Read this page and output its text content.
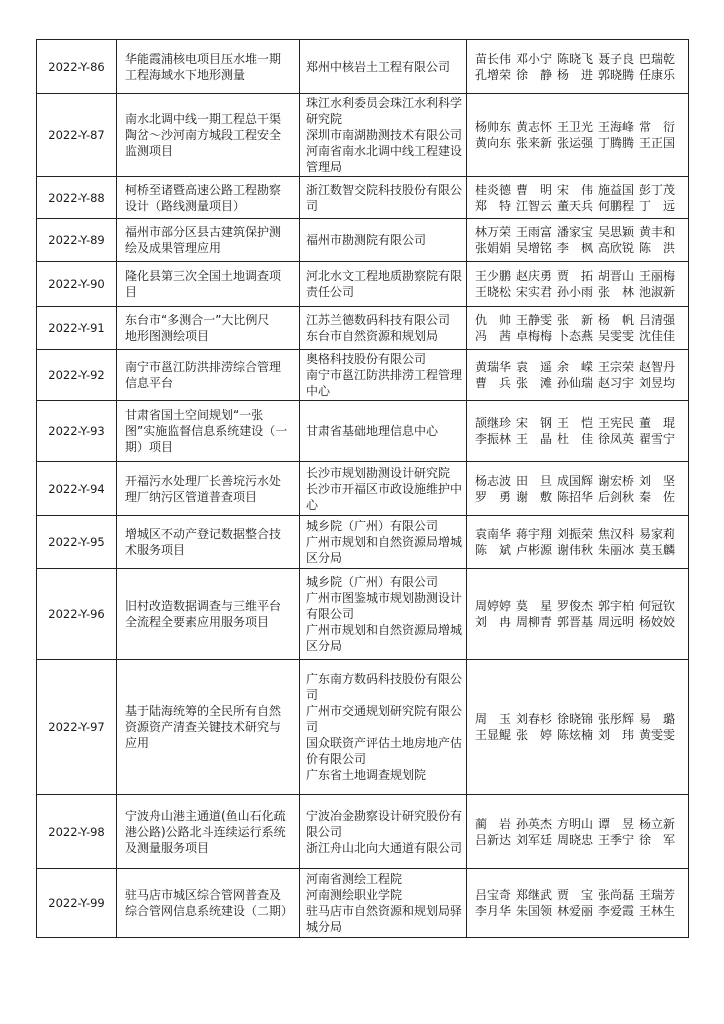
2022-Y-86	华能霞浦核电项目压水堆一期
工程海域水下地形测量	郑州中核岩土工程有限公司	苗长伟 邓小宁 陈晓飞 聂子良 巴瑞乾
孔增荣 徐　静 杨　进 郭晓腾 任康乐

2022-Y-87	南水北调中线一期工程总干渠
陶岔～沙河南方城段工程安全
监测项目	珠江水利委员会珠江水利科学研究院
深圳市南湖勘测技术有限公司
河南省南水北调中线工程建设管理局	杨帅东 黄志怀 王卫光 王海峰 常　衍
黄向东 张来新 张运强 丁腾腾 王正国

2022-Y-88	柯桥至诸暨高速公路工程勘察
设计（路线测量项目）	浙江数智交院科技股份有限公司	桂炎德 曹　明 宋　伟 施益国 彭丁茂
郑　特 江智云 董天兵 何鹏程 丁　远

2022-Y-89	福州市部分区县古建筑保护测
绘及成果管理应用	福州市勘测院有限公司	林万荣 王雨富 潘家宝 吴思颖 黄丰和
张娟娟 吴增铭 李　枫 高欣锐 陈　洪

2022-Y-90	隆化县第三次全国土地调查项
目	河北水文工程地质勘察院有限责任公司	王少鹏 赵庆勇 贾　拓 胡晋山 王丽梅
王晓松 宋实君 孙小雨 张　林 池淑新

2022-Y-91	东台市“多测合一”大比例尺
地形图测绘项目	江苏兰德数码科技有限公司
东台市自然资源和规划局	仇　帅 王静雯 张　新 杨　帆 吕清强
冯　茜 卓梅梅 卜态燕 吴雯雯 沈佳佳

2022-Y-92	南宁市邕江防洪排涝综合管理
信息平台	奥格科技股份有限公司
南宁市邕江防洪排涝工程管理中心	黄瑞华 袁　遥 余　嵘 王宗荣 赵智丹
曹　兵 张　滩 孙仙瑞 赵习宇 刘昱均

2022-Y-93	甘肃省国土空间规划“一张
图”实施监督信息系统建设（一
期）项目	甘肃省基础地理信息中心	颉继珍 宋　钢 王　恺 王宪民 董　琨
李振林 王　晶 杜　佳 徐凤英 翟雪宁

2022-Y-94	开福污水处理厂长善垸污水处
理厂纳污区管道普查项目	长沙市规划勘测设计研究院
长沙市开福区市政设施维护中心	杨志波 田　旦 成国辉 谢宏桥 刘　坚
罗　勇 谢　敷 陈招华 后剑秋 秦　佐

2022-Y-95	增城区不动产登记数据整合技
术服务项目	城乡院（广州）有限公司
广州市规划和自然资源局增城区分局	袁南华 蒋宇翔 刘振荣 焦汉科 易家莉
陈　斌 卢彬源 谢伟秋 朱丽冰 莫玉麟

2022-Y-96	旧村改造数据调查与三维平台
全流程全要素应用服务项目	城乡院（广州）有限公司
广州市图鉴城市规划勘测设计有限公司
广州市规划和自然资源局增城区分局	周婷婷 莫　星 罗俊杰 郭宇柏 何冠钦
刘　冉 周柳青 郭晋基 周远明 杨姣姣

2022-Y-97	基于陆海统筹的全民所有自然
资源资产清查关键技术研究与
应用	广东南方数码科技股份有限公司
广州市交通规划研究院有限公司
国众联资产评估土地房地产估价有限公司
广东省土地调查规划院	周　玉 刘春杉 徐晓锦 张彤辉 易　璐
王显鲲 张　婷 陈炫楠 刘　玮 黄雯雯

2022-Y-98	宁波舟山港主通道(鱼山石化疏
港公路)公路北斗连续运行系统
及测量服务项目	宁波冶金勘察设计研究股份有限公司
浙江舟山北向大通道有限公司	蔺　岩 孙英杰 方明山 谭　昱 杨立新
吕新达 刘军廷 周晓忠 王季宁 徐　军

2022-Y-99	驻马店市城区综合管网普查及
综合管网信息系统建设（二期）	河南省测绘工程院
河南测绘职业学院
驻马店市自然资源和规划局驿城分局	吕宝奇 郑继武 贾　宝 张尚磊 王瑞芳
李月华 朱国领 林爱丽 李爱霞 王林生
